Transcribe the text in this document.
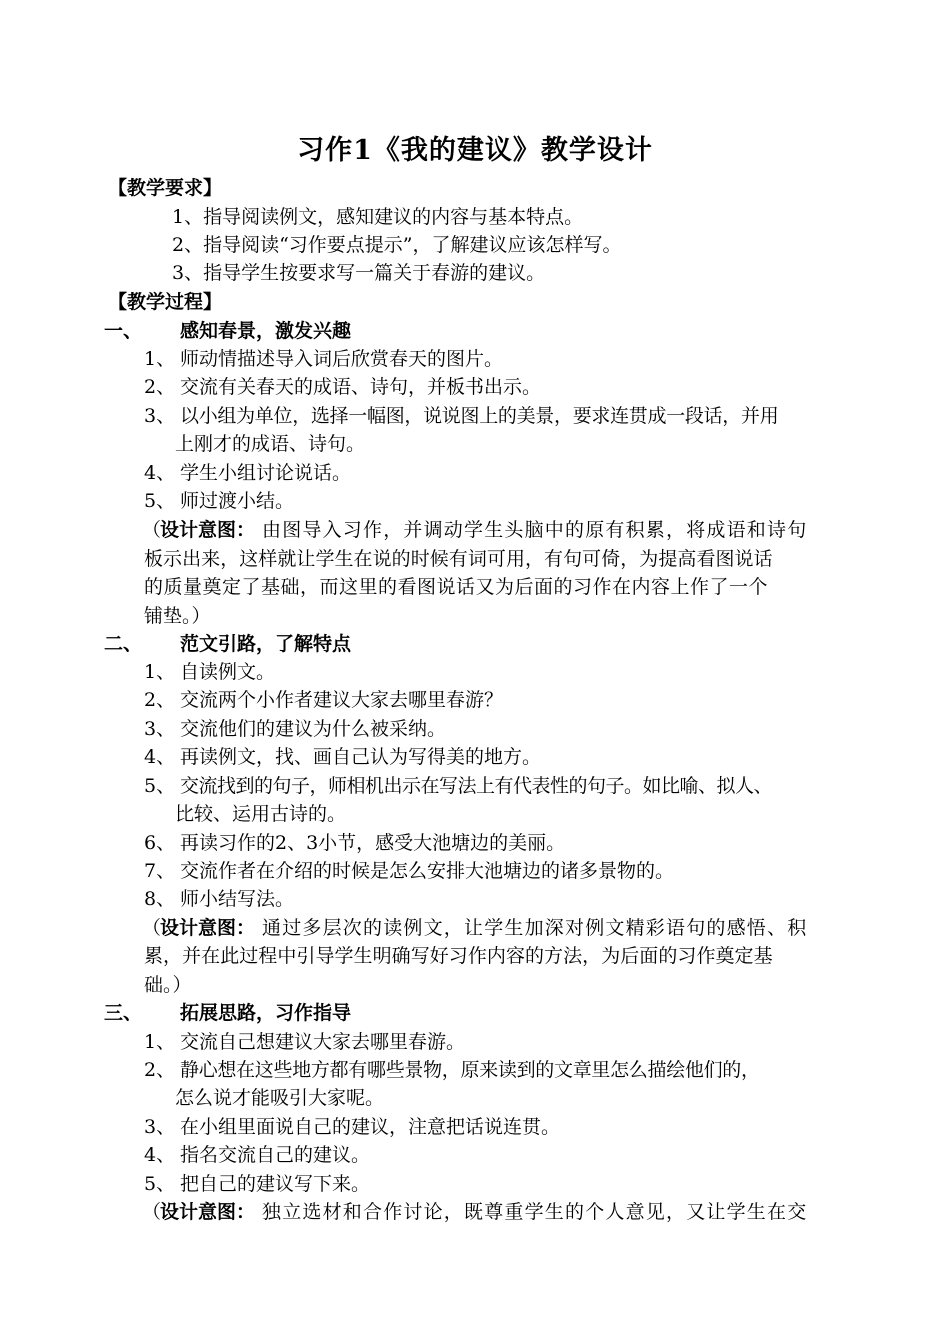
习作1《我的建议》教学设计
【教学要求】
1、指导阅读例文，感知建议的内容与基本特点。
2、指导阅读“习作要点提示”，了解建议应该怎样写。
3、指导学生按要求写一篇关于春游的建议。
【教学过程】
一、 感知春景，激发兴趣
1、 师动情描述导入词后欣赏春天的图片。
2、 交流有关春天的成语、诗句，并板书出示。
3、 以小组为单位，选择一幅图，说说图上的美景，要求连贯成一段话，并用
上刚才的成语、诗句。
4、 学生小组讨论说话。
5、 师过渡小结。
（
设计意图： 由图导入习作，并调动学生头脑中的原有积累，将成语和诗句
板示出来，这样就让学生在说的时候有词可用，有句可倚，为提高看图说话
的质量奠定了基础，而这里的看图说话又为后面的习作在内容上作了一个
铺垫。）
二、 范文引路，了解特点
1、 自读例文。
2、 交流两个小作者建议大家去哪里春游？
3、 交流他们的建议为什么被采纳。
4、 再读例文，找、画自己认为写得美的地方。
5、 交流找到的句子，师相机出示在写法上有代表性的句子。如比喻、拟人、
比较、运用古诗的。
6、 再读习作的2、3小节，感受大池塘边的美丽。
7、 交流作者在介绍的时候是怎么安排大池塘边的诸多景物的。
8、 师小结写法。
（
设计意图： 通过多层次的读例文，让学生加深对例文精彩语句的感悟、积
累，并在此过程中引导学生明确写好习作内容的方法，为后面的习作奠定基
础。）
三、 拓展思路，习作指导
1、 交流自己想建议大家去哪里春游。
2、 静心想在这些地方都有哪些景物，原来读到的文章里怎么描绘他们的，
怎么说才能吸引大家呢。
3、 在小组里面说自己的建议，注意把话说连贯。
4、 指名交流自己的建议。
5、 把自己的建议写下来。
（
设计意图： 独立选材和合作讨论，既尊重学生的个人意见，又让学生在交
